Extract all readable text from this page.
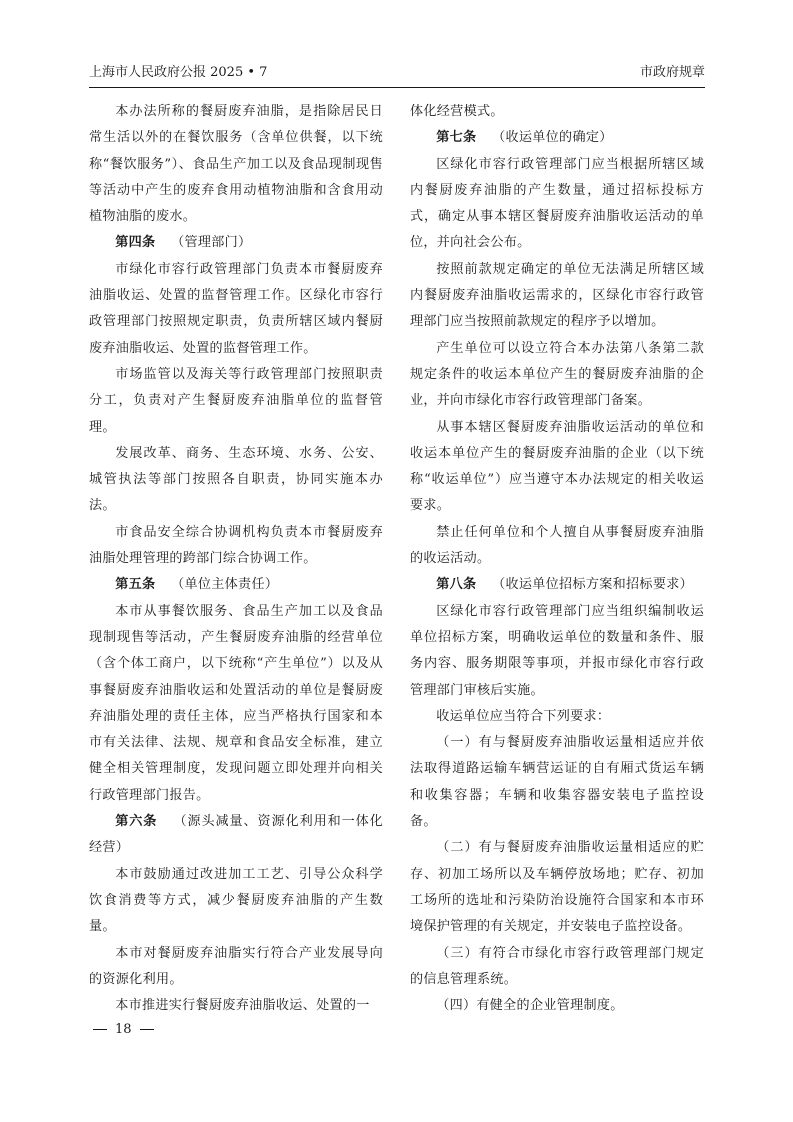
上海市人民政府公报 2025 • 7	市政府规章

本办法所称的餐厨废弃油脂，是指除居民日常生活以外的在餐饮服务（含单位供餐，以下统称“餐饮服务”）、食品生产加工以及食品现制现售等活动中产生的废弃食用动植物油脂和含食用动植物油脂的废水。

第四条 （管理部门）

市绿化市容行政管理部门负责本市餐厨废弃油脂收运、处置的监督管理工作。区绿化市容行政管理部门按照规定职责，负责所辖区域内餐厨废弃油脂收运、处置的监督管理工作。

市场监管以及海关等行政管理部门按照职责分工，负责对产生餐厨废弃油脂单位的监督管理。

发展改革、商务、生态环境、水务、公安、城管执法等部门按照各自职责，协同实施本办法。

市食品安全综合协调机构负责本市餐厨废弃油脂处理管理的跨部门综合协调工作。

第五条 （单位主体责任）

本市从事餐饮服务、食品生产加工以及食品现制现售等活动，产生餐厨废弃油脂的经营单位（含个体工商户，以下统称“产生单位”）以及从事餐厨废弃油脂收运和处置活动的单位是餐厨废弃油脂处理的责任主体，应当严格执行国家和本市有关法律、法规、规章和食品安全标准，建立健全相关管理制度，发现问题立即处理并向相关行政管理部门报告。

第六条 （源头减量、资源化利用和一体化经营）

本市鼓励通过改进加工工艺、引导公众科学饮食消费等方式，减少餐厨废弃油脂的产生数量。

本市对餐厨废弃油脂实行符合产业发展导向的资源化利用。

本市推进实行餐厨废弃油脂收运、处置的一

体化经营模式。

第七条 （收运单位的确定）

区绿化市容行政管理部门应当根据所辖区域内餐厨废弃油脂的产生数量，通过招标投标方式，确定从事本辖区餐厨废弃油脂收运活动的单位，并向社会公布。

按照前款规定确定的单位无法满足所辖区域内餐厨废弃油脂收运需求的，区绿化市容行政管理部门应当按照前款规定的程序予以增加。

产生单位可以设立符合本办法第八条第二款规定条件的收运本单位产生的餐厨废弃油脂的企业，并向市绿化市容行政管理部门备案。

从事本辖区餐厨废弃油脂收运活动的单位和收运本单位产生的餐厨废弃油脂的企业（以下统称“收运单位”）应当遵守本办法规定的相关收运要求。

禁止任何单位和个人擅自从事餐厨废弃油脂的收运活动。

第八条 （收运单位招标方案和招标要求）

区绿化市容行政管理部门应当组织编制收运单位招标方案，明确收运单位的数量和条件、服务内容、服务期限等事项，并报市绿化市容行政管理部门审核后实施。

收运单位应当符合下列要求：

（一）有与餐厨废弃油脂收运量相适应并依法取得道路运输车辆营运证的自有厢式货运车辆和收集容器；车辆和收集容器安装电子监控设备。

（二）有与餐厨废弃油脂收运量相适应的贮存、初加工场所以及车辆停放场地；贮存、初加工场所的选址和污染防治设施符合国家和本市环境保护管理的有关规定，并安装电子监控设备。

（三）有符合市绿化市容行政管理部门规定的信息管理系统。

（四）有健全的企业管理制度。

18
